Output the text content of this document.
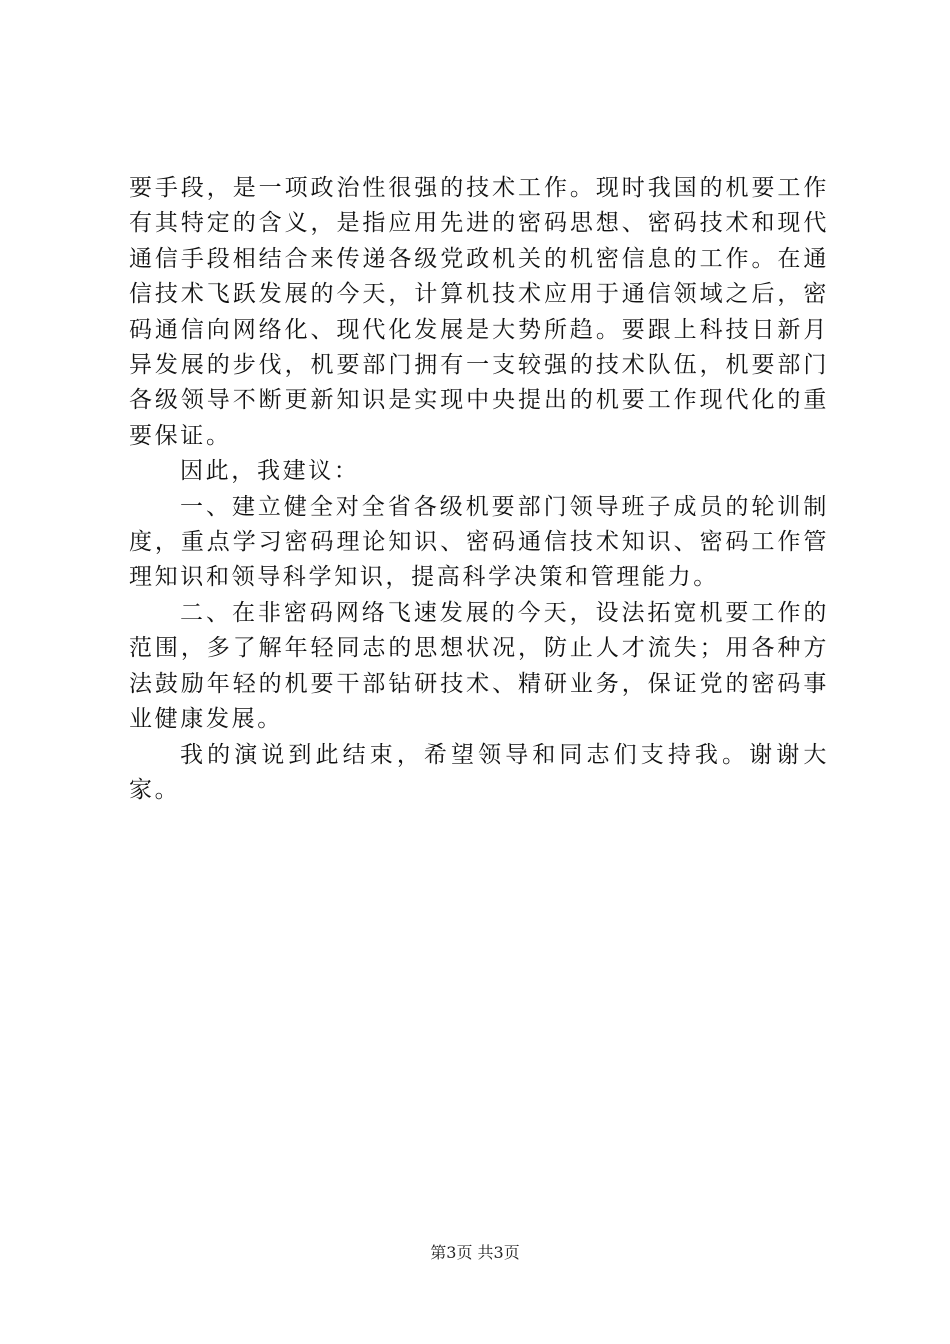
要手段，是一项政治性很强的技术工作。现时我国的机要工作有其特定的含义，是指应用先进的密码思想、密码技术和现代通信手段相结合来传递各级党政机关的机密信息的工作。在通信技术飞跃发展的今天，计算机技术应用于通信领域之后，密码通信向网络化、现代化发展是大势所趋。要跟上科技日新月异发展的步伐，机要部门拥有一支较强的技术队伍，机要部门各级领导不断更新知识是实现中央提出的机要工作现代化的重要保证。

因此，我建议：

一、建立健全对全省各级机要部门领导班子成员的轮训制度，重点学习密码理论知识、密码通信技术知识、密码工作管理知识和领导科学知识，提高科学决策和管理能力。

二、在非密码网络飞速发展的今天，设法拓宽机要工作的范围，多了解年轻同志的思想状况，防止人才流失；用各种方法鼓励年轻的机要干部钻研技术、精研业务，保证党的密码事业健康发展。

我的演说到此结束，希望领导和同志们支持我。谢谢大家。

第3页 共3页
